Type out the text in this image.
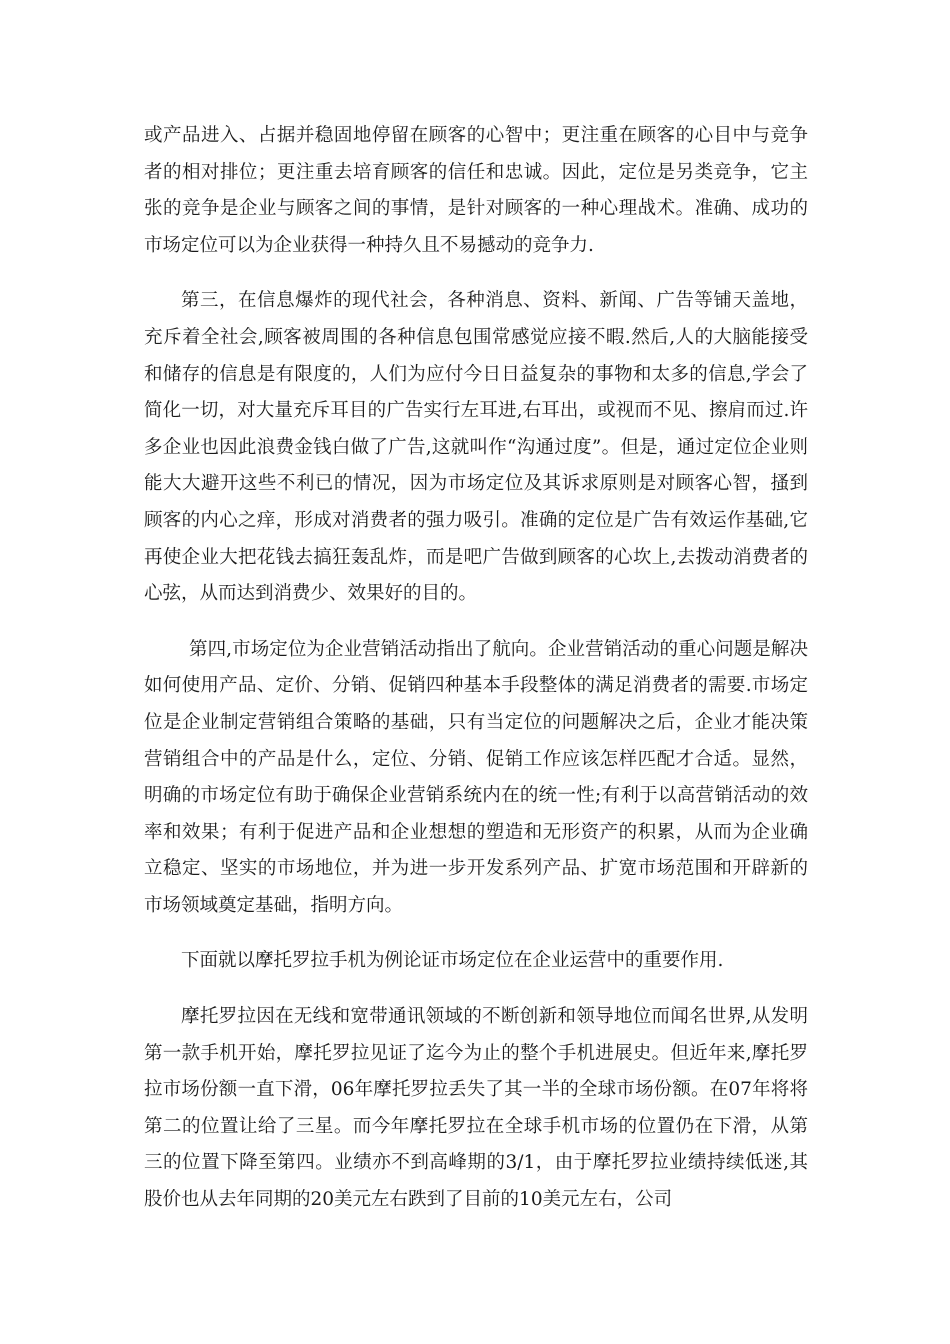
或产品进入、占据并稳固地停留在顾客的心智中；更注重在顾客的心目中与竞争者的相对排位；更注重去培育顾客的信任和忠诚。因此，定位是另类竞争，它主张的竞争是企业与顾客之间的事情，是针对顾客的一种心理战术。准确、成功的市场定位可以为企业获得一种持久且不易撼动的竞争力.

第三，在信息爆炸的现代社会，各种消息、资料、新闻、广告等铺天盖地，充斥着全社会,顾客被周围的各种信息包围常感觉应接不暇.然后,人的大脑能接受和储存的信息是有限度的，人们为应付今日日益复杂的事物和太多的信息,学会了简化一切，对大量充斥耳目的广告实行左耳进,右耳出，或视而不见、擦肩而过.许多企业也因此浪费金钱白做了广告,这就叫作“沟通过度”。但是，通过定位企业则能大大避开这些不利已的情况，因为市场定位及其诉求原则是对顾客心智，搔到顾客的内心之痒，形成对消费者的强力吸引。准确的定位是广告有效运作基础,它再使企业大把花钱去搞狂轰乱炸，而是吧广告做到顾客的心坎上,去拨动消费者的心弦，从而达到消费少、效果好的目的。

第四,市场定位为企业营销活动指出了航向。企业营销活动的重心问题是解决如何使用产品、定价、分销、促销四种基本手段整体的满足消费者的需要.市场定位是企业制定营销组合策略的基础，只有当定位的问题解决之后，企业才能决策营销组合中的产品是什么，定位、分销、促销工作应该怎样匹配才合适。显然，明确的市场定位有助于确保企业营销系统内在的统一性;有利于以高营销活动的效率和效果；有利于促进产品和企业想想的塑造和无形资产的积累，从而为企业确立稳定、坚实的市场地位，并为进一步开发系列产品、扩宽市场范围和开辟新的市场领域奠定基础，指明方向。

下面就以摩托罗拉手机为例论证市场定位在企业运营中的重要作用.

摩托罗拉因在无线和宽带通讯领域的不断创新和领导地位而闻名世界,从发明第一款手机开始，摩托罗拉见证了迄今为止的整个手机进展史。但近年来,摩托罗拉市场份额一直下滑，06年摩托罗拉丢失了其一半的全球市场份额。在07年将将第二的位置让给了三星。而今年摩托罗拉在全球手机市场的位置仍在下滑，从第三的位置下降至第四。业绩亦不到高峰期的3/1，由于摩托罗拉业绩持续低迷,其股价也从去年同期的20美元左右跌到了目前的10美元左右，公司
